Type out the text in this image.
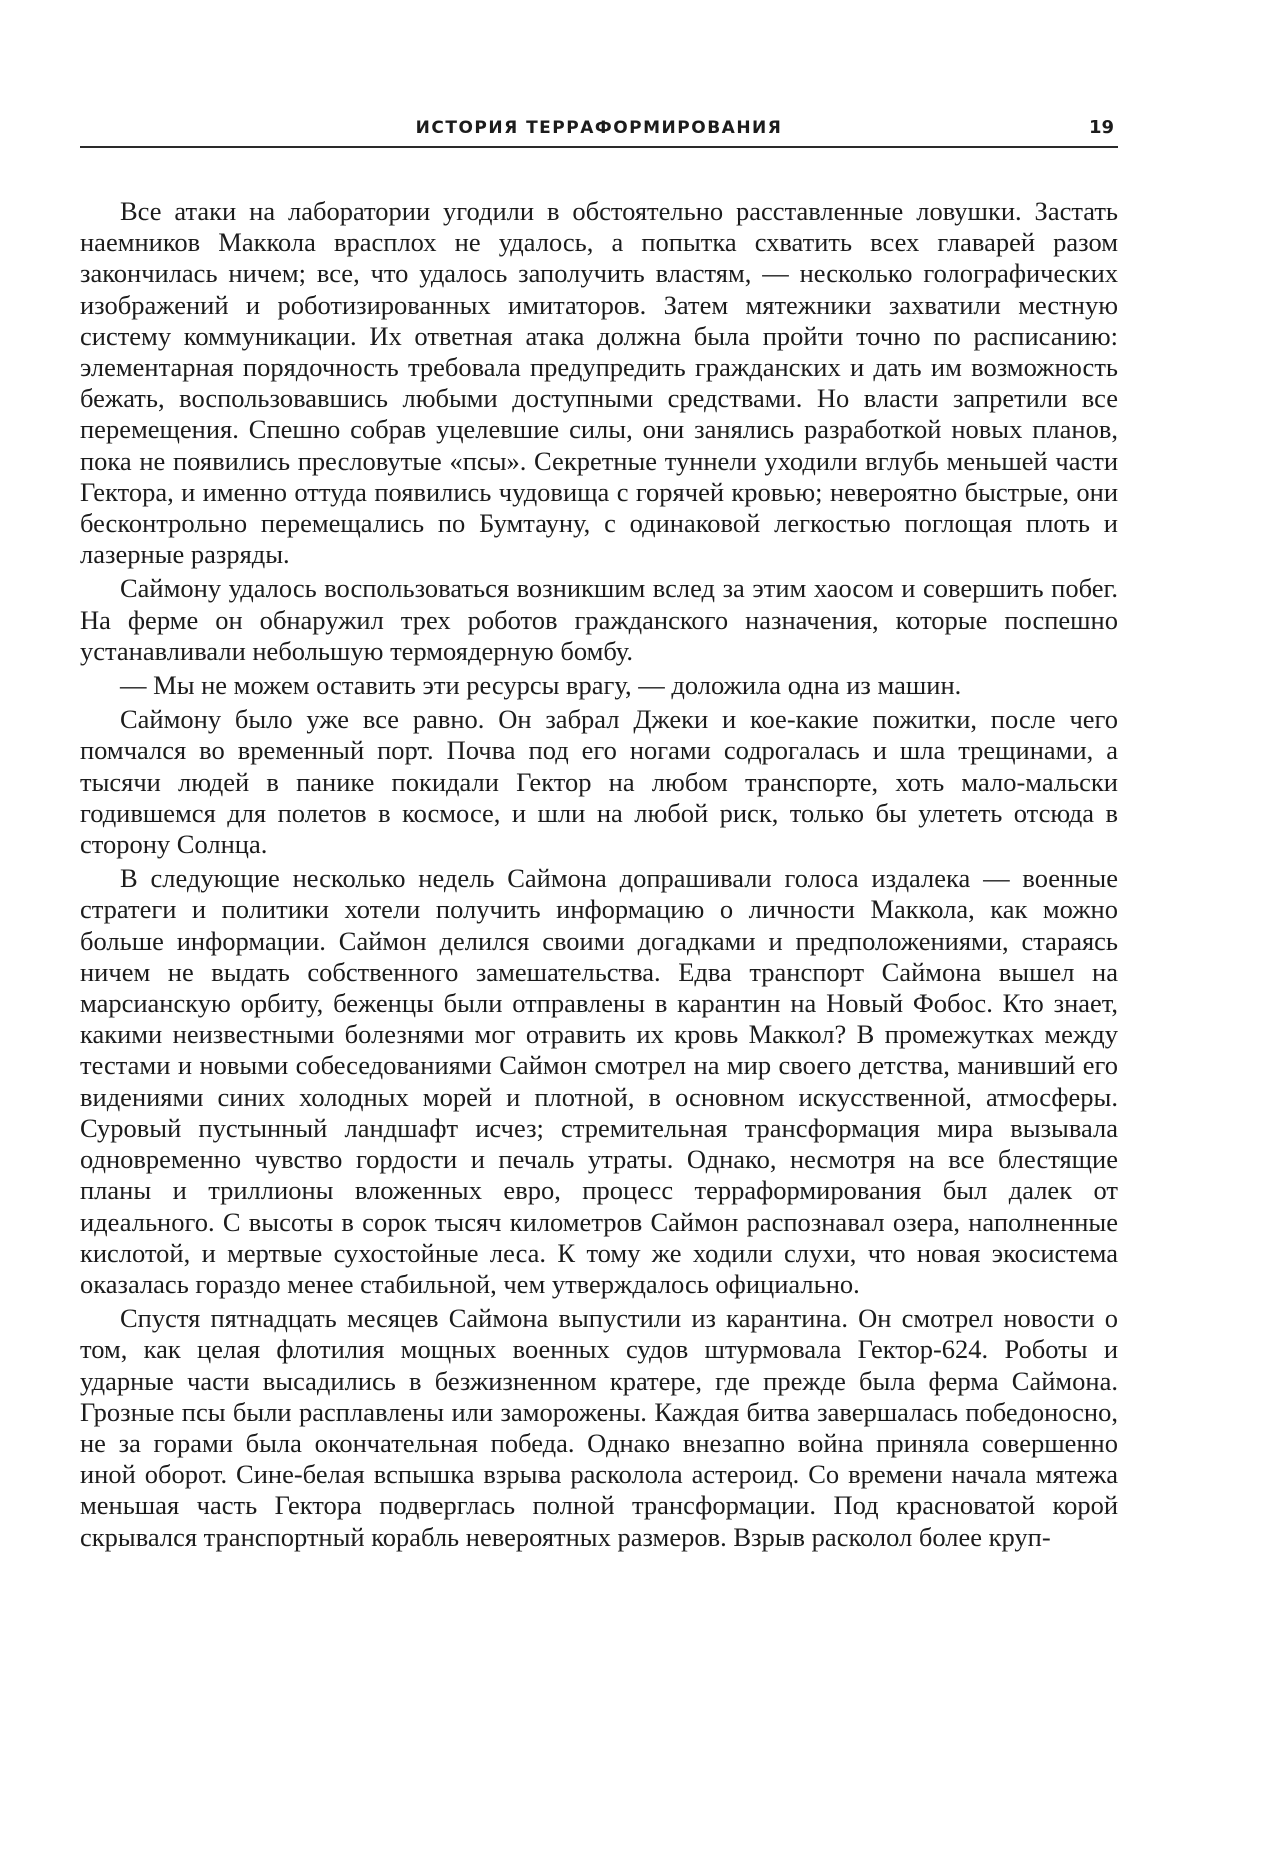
ИСТОРИЯ ТЕРРАФОРМИРОВАНИЯ	19

Все атаки на лаборатории угодили в обстоятельно расставленные ловушки. Застать наемников Маккола врасплох не удалось, а попытка схватить всех главарей разом закончилась ничем; все, что удалось заполучить властям, — несколько голографических изображений и роботизированных имитаторов. Затем мятежники захватили местную систему коммуникации. Их ответная атака должна была пройти точно по расписанию: элементарная порядочность требовала предупредить гражданских и дать им возможность бежать, воспользовавшись любыми доступными средствами. Но власти запретили все перемещения. Спешно собрав уцелевшие силы, они занялись разработкой новых планов, пока не появились пресловутые «псы». Секретные туннели уходили вглубь меньшей части Гектора, и именно оттуда появились чудовища с горячей кровью; невероятно быстрые, они бесконтрольно перемещались по Бумтауну, с одинаковой легкостью поглощая плоть и лазерные разряды.

Саймону удалось воспользоваться возникшим вслед за этим хаосом и совершить побег. На ферме он обнаружил трех роботов гражданского назначения, которые поспешно устанавливали небольшую термоядерную бомбу.

— Мы не можем оставить эти ресурсы врагу, — доложила одна из машин.

Саймону было уже все равно. Он забрал Джеки и кое-какие пожитки, после чего помчался во временный порт. Почва под его ногами содрогалась и шла трещинами, а тысячи людей в панике покидали Гектор на любом транспорте, хоть мало-мальски годившемся для полетов в космосе, и шли на любой риск, только бы улететь отсюда в сторону Солнца.

В следующие несколько недель Саймона допрашивали голоса издалека — военные стратеги и политики хотели получить информацию о личности Маккола, как можно больше информации. Саймон делился своими догадками и предположениями, стараясь ничем не выдать собственного замешательства. Едва транспорт Саймона вышел на марсианскую орбиту, беженцы были отправлены в карантин на Новый Фобос. Кто знает, какими неизвестными болезнями мог отравить их кровь Маккол? В промежутках между тестами и новыми собеседованиями Саймон смотрел на мир своего детства, манивший его видениями синих холодных морей и плотной, в основном искусственной, атмосферы. Суровый пустынный ландшафт исчез; стремительная трансформация мира вызывала одновременно чувство гордости и печаль утраты. Однако, несмотря на все блестящие планы и триллионы вложенных евро, процесс терраформирования был далек от идеального. С высоты в сорок тысяч километров Саймон распознавал озера, наполненные кислотой, и мертвые сухостойные леса. К тому же ходили слухи, что новая экосистема оказалась гораздо менее стабильной, чем утверждалось официально.

Спустя пятнадцать месяцев Саймона выпустили из карантина. Он смотрел новости о том, как целая флотилия мощных военных судов штурмовала Гектор-624. Роботы и ударные части высадились в безжизненном кратере, где прежде была ферма Саймона. Грозные псы были расплавлены или заморожены. Каждая битва завершалась победоносно, не за горами была окончательная победа. Однако внезапно война приняла совершенно иной оборот. Сине-белая вспышка взрыва расколола астероид. Со времени начала мятежа меньшая часть Гектора подверглась полной трансформации. Под красноватой корой скрывался транспортный корабль невероятных размеров. Взрыв расколол более круп-
